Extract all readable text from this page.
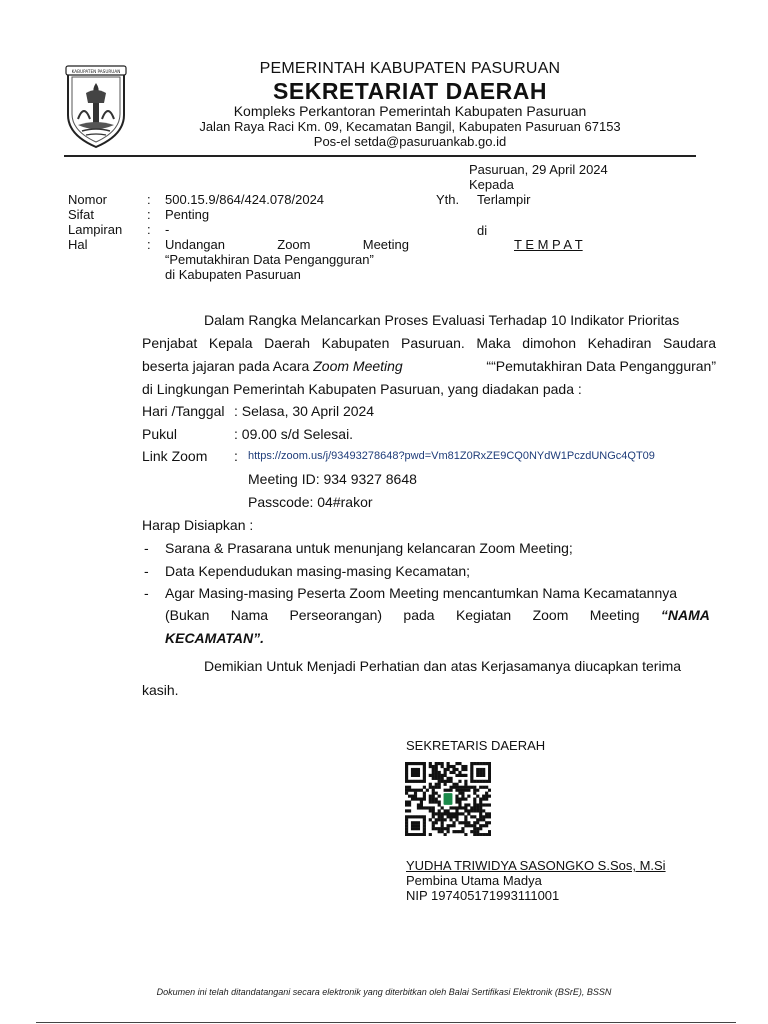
KABUPATEN PASURUAN	PEMERINTAH KABUPATEN PASURUAN
SEKRETARIAT DAERAH
Kompleks Perkantoran Pemerintah Kabupaten Pasuruan
Jalan Raya Raci Km. 09, Kecamatan Bangil, Kabupaten Pasuruan 67153
Pos-el setda@pasuruankab.go.id
Pasuruan, 29 April 2024
Kepada
Yth. Terlampir
di
T E M P A T
Nomor	: 500.15.9/864/424.078/2024
Sifat	: Penting
Lampiran : -
Hal	: Undangan	Zoom	Meeting
“Pemutakhiran Data Pengangguran”
di Kabupaten Pasuruan
Dalam Rangka Melancarkan Proses Evaluasi Terhadap 10 Indikator Prioritas
Penjabat Kepala Daerah Kabupaten Pasuruan. Maka dimohon Kehadiran Saudara
beserta jajaran pada Acara Zoom Meeting	““Pemutakhiran Data Pengangguran”
di Lingkungan Pemerintah Kabupaten Pasuruan, yang diadakan pada :
Hari /Tanggal : Selasa, 30 April 2024
Pukul	: 09.00 s/d Selesai.
Link Zoom : https://zoom.us/j/93493278648?pwd=Vm81Z0RxZE9CQ0NYdW1PczdUNGc4QT09
Meeting ID: 934 9327 8648
Passcode: 04#rakor
Harap Disiapkan :
- Sarana & Prasarana untuk menunjang kelancaran Zoom Meeting;
- Data Kependudukan masing-masing Kecamatan;
- Agar Masing-masing Peserta Zoom Meeting mencantumkan Nama Kecamatannya
(Bukan Nama Perseorangan) pada Kegiatan Zoom Meeting “NAMA
KECAMATAN”.
Demikian Untuk Menjadi Perhatian dan atas Kerjasamanya diucapkan terima
kasih.
SEKRETARIS DAERAH
YUDHA TRIWIDYA SASONGKO S.Sos, M.Si
Pembina Utama Madya
NIP 197405171993111001
Dokumen ini telah ditandatangani secara elektronik yang diterbitkan oleh Balai Sertifikasi Elektronik (BSrE), BSSN
